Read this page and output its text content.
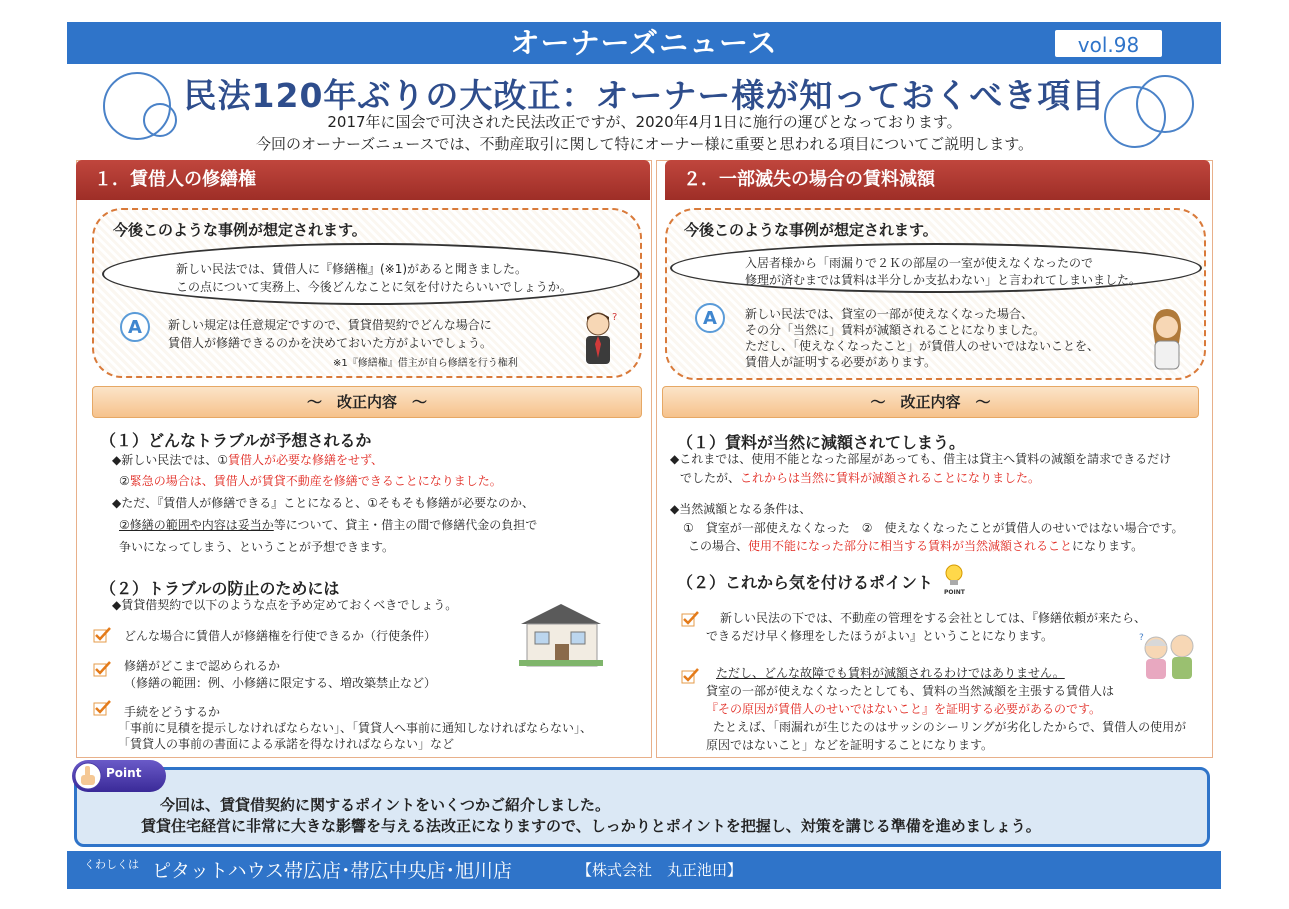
オーナーズニュース	vol.98
民法120年ぶりの大改正：オーナー様が知っておくべき項目
2017年に国会で可決された民法改正ですが、2020年4月1日に施行の運びとなっております。
今回のオーナーズニュースでは、不動産取引に関して特にオーナー様に重要と思われる項目についてご説明します。
１．賃借人の修繕権
今後このような事例が想定されます。
新しい民法では、賃借人に『修繕権』(※1)があると聞きました。
この点について実務上、今後どんなことに気を付けたらいいでしょうか。
A	新しい規定は任意規定ですので、賃貸借契約でどんな場合に
賃借人が修繕できるのかを決めておいた方がよいでしょう。
※1『修繕権』借主が自ら修繕を行う権利
?
～　改正内容　～
（１）どんなトラブルが予想されるか
◆新しい民法では、①賃借人が必要な修繕をせず、
②緊急の場合は、賃借人が賃貸不動産を修繕できることになりました。
◆ただ、『賃借人が修繕できる』ことになると、①そもそも修繕が必要なのか、
②修繕の範囲や内容は妥当か等について、貸主・借主の間で修繕代金の負担で
争いになってしまう、ということが予想できます。
（２）トラブルの防止のためには
◆賃貸借契約で以下のような点を予め定めておくべきでしょう。
どんな場合に賃借人が修繕権を行使できるか（行使条件）
修繕がどこまで認められるか
（修繕の範囲：例、小修繕に限定する、増改築禁止など）
手続をどうするか
「事前に見積を提示しなければならない」、「賃貸人へ事前に通知しなければならない」、
「賃貸人の事前の書面による承諾を得なければならない」など
２．一部滅失の場合の賃料減額
今後このような事例が想定されます。
入居者様から「雨漏りで２Ｋの部屋の一室が使えなくなったので
修理が済むまでは賃料は半分しか支払わない」と言われてしまいました。
A	新しい民法では、貸室の一部が使えなくなった場合、
その分「当然に」賃料が減額されることになりました。
ただし、「使えなくなったこと」が賃借人のせいではないことを、
賃借人が証明する必要があります。
～　改正内容　～
（１）賃料が当然に減額されてしまう。
◆これまでは、使用不能となった部屋があっても、借主は貸主へ賃料の減額を請求できるだけ
でしたが、これからは当然に賃料が減額されることになりました。
◆当然減額となる条件は、
①　貸室が一部使えなくなった　②　使えなくなったことが賃借人のせいではない場合です。
この場合、使用不能になった部分に相当する賃料が当然減額されることになります。
（２）これから気を付けるポイント
POINT
新しい民法の下では、不動産の管理をする会社としては、『修繕依頼が来たら、
できるだけ早く修理をしたほうがよい』ということになります。
ただし、どんな故障でも賃料が減額されるわけではありません。
貸室の一部が使えなくなったとしても、賃料の当然減額を主張する賃借人は
『その原因が賃借人のせいではないこと』を証明する必要があるのです。
たとえば、「雨漏れが生じたのはサッシのシーリングが劣化したからで、賃借人の使用が
原因ではないこと」などを証明することになります。
?
Point
今回は、賃貸借契約に関するポイントをいくつかご紹介しました。
賃貸住宅経営に非常に大きな影響を与える法改正になりますので、しっかりとポイントを把握し、対策を講じる準備を進めましょう。
くわしくは ピタットハウス帯広店･帯広中央店･旭川店	【株式会社　丸正池田】
